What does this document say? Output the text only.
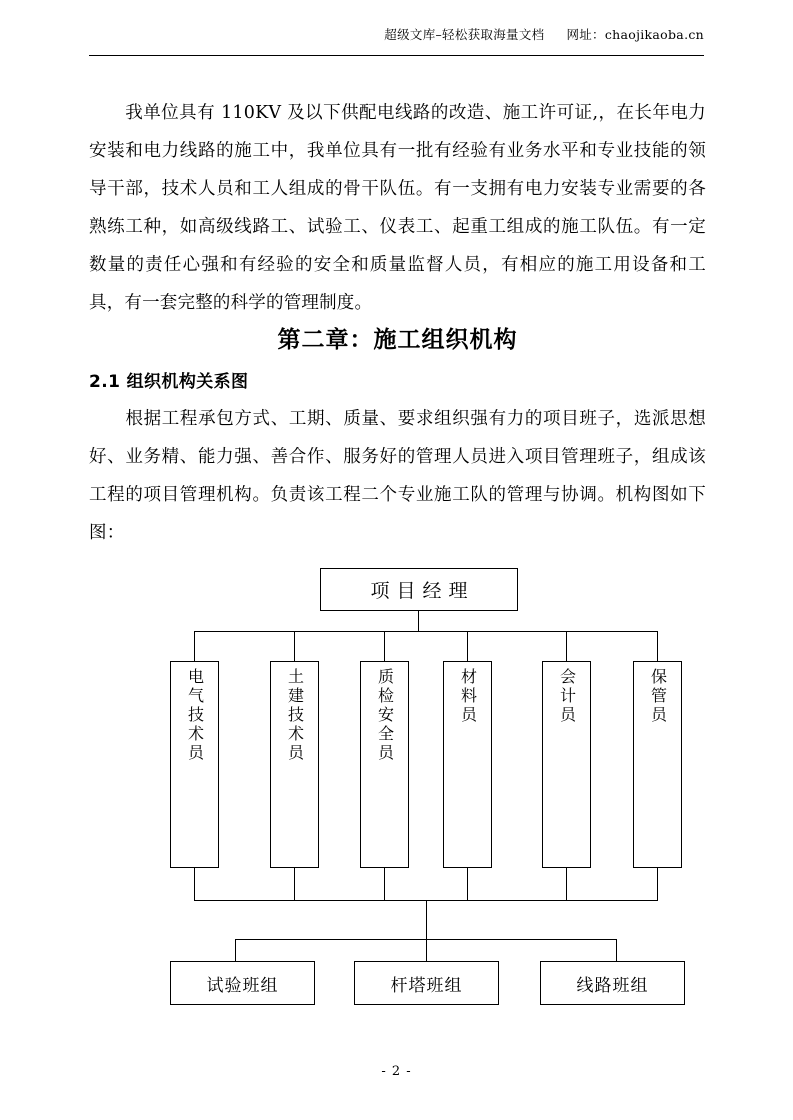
超级文库–轻松获取海量文档 网址：chaojikaoba.cn
我单位具有 110KV 及以下供配电线路的改造、施工许可证,，在长年电力安装和电力线路的施工中，我单位具有一批有经验有业务水平和专业技能的领导干部，技术人员和工人组成的骨干队伍。有一支拥有电力安装专业需要的各熟练工种，如高级线路工、试验工、仪表工、起重工组成的施工队伍。有一定数量的责任心强和有经验的安全和质量监督人员，有相应的施工用设备和工具，有一套完整的科学的管理制度。
第二章：施工组织机构
2.1 组织机构关系图
根据工程承包方式、工期、质量、要求组织强有力的项目班子，选派思想好、业务精、能力强、善合作、服务好的管理人员进入项目管理班子，组成该工程的项目管理机构。负责该工程二个专业施工队的管理与协调。机构图如下图：
项目经理
电气技术员	土建技术员	质检安全员	材料员	会计员	保管员
试验班组	杆塔班组	线路班组
- 2 -
